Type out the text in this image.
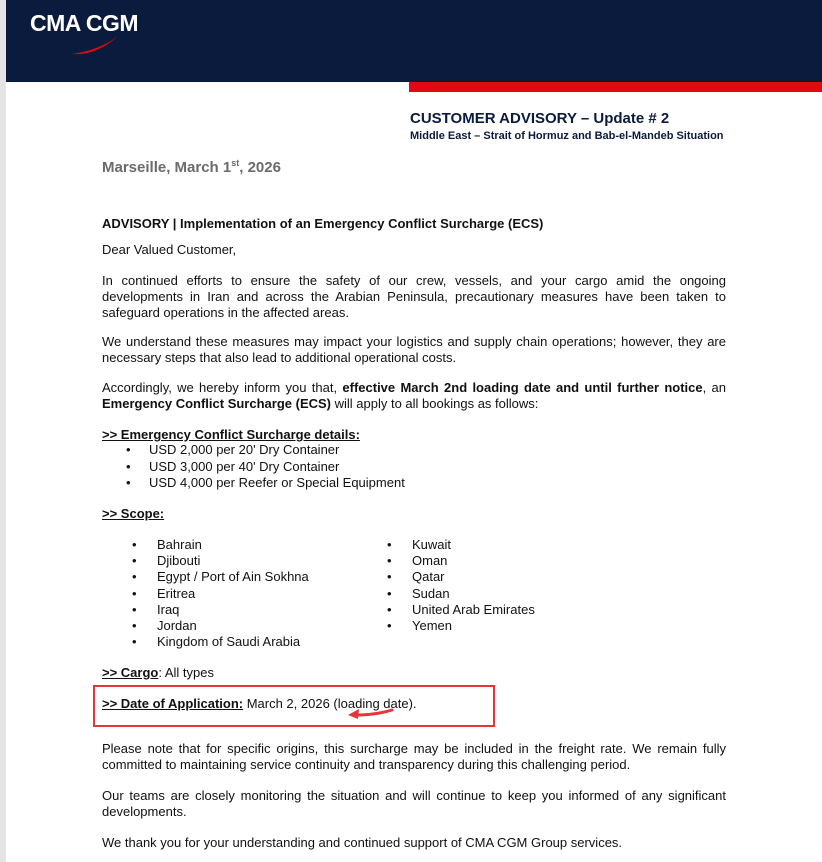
CMA CGM
CUSTOMER ADVISORY – Update # 2
Middle East – Strait of Hormuz and Bab-el-Mandeb Situation
Marseille, March 1st, 2026
ADVISORY | Implementation of an Emergency Conflict Surcharge (ECS)
Dear Valued Customer,
In continued efforts to ensure the safety of our crew, vessels, and your cargo amid the ongoing developments in Iran and across the Arabian Peninsula, precautionary measures have been taken to safeguard operations in the affected areas.
We understand these measures may impact your logistics and supply chain operations; however, they are necessary steps that also lead to additional operational costs.
Accordingly, we hereby inform you that, effective March 2nd loading date and until further notice, an Emergency Conflict Surcharge (ECS) will apply to all bookings as follows:
>> Emergency Conflict Surcharge details:
• USD 2,000 per 20' Dry Container
• USD 3,000 per 40' Dry Container
• USD 4,000 per Reefer or Special Equipment
>> Scope:
• Bahrain
• Djibouti
• Egypt / Port of Ain Sokhna
• Eritrea
• Iraq
• Jordan
• Kingdom of Saudi Arabia
• Kuwait
• Oman
• Qatar
• Sudan
• United Arab Emirates
• Yemen
>> Cargo: All types
>> Date of Application: March 2, 2026 (loading date).
Please note that for specific origins, this surcharge may be included in the freight rate. We remain fully committed to maintaining service continuity and transparency during this challenging period.
Our teams are closely monitoring the situation and will continue to keep you informed of any significant developments.
We thank you for your understanding and continued support of CMA CGM Group services.
